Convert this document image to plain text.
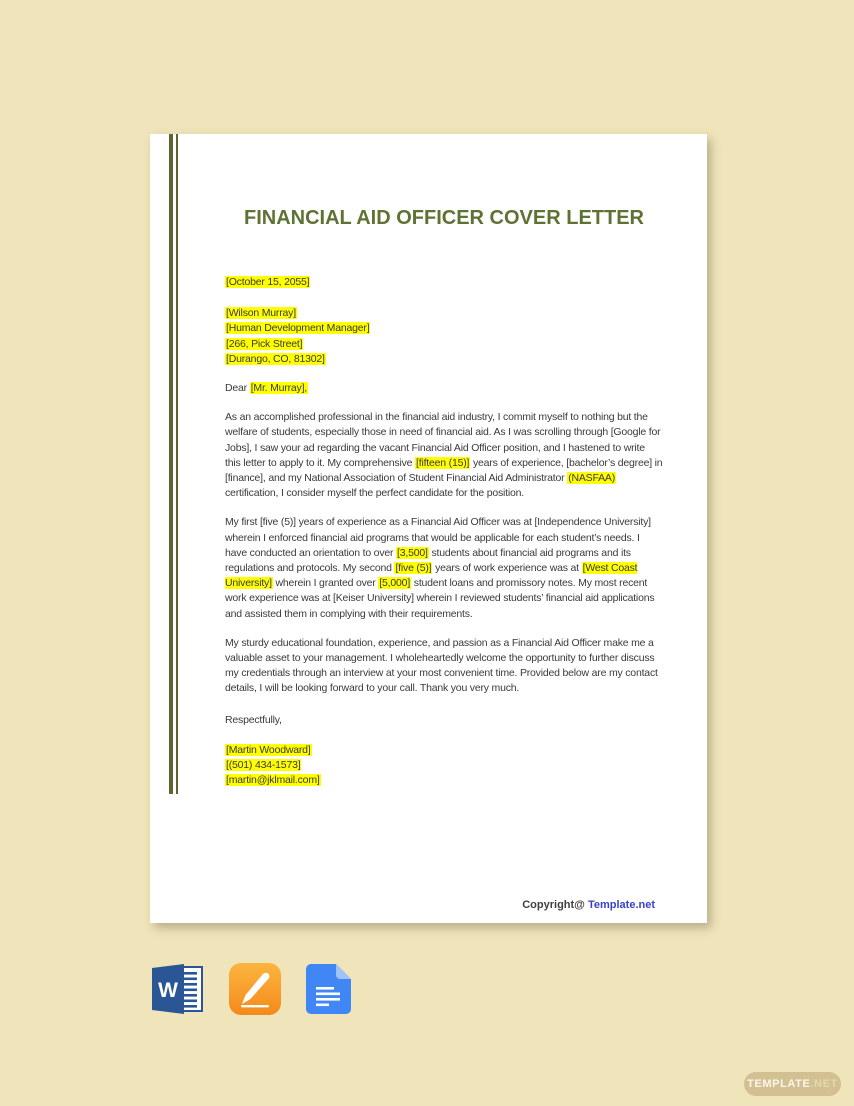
FINANCIAL AID OFFICER COVER LETTER
[October 15, 2055]
[Wilson Murray]
[Human Development Manager]
[266, Pick Street]
[Durango, CO, 81302]
Dear [Mr. Murray],

As an accomplished professional in the financial aid industry, I commit myself to nothing but the welfare of students, especially those in need of financial aid. As I was scrolling through [Google for Jobs], I saw your ad regarding the vacant Financial Aid Officer position, and I hastened to write this letter to apply to it. My comprehensive [fifteen (15)] years of experience, [bachelor’s degree] in [finance], and my National Association of Student Financial Aid Administrator (NASFAA) certification, I consider myself the perfect candidate for the position.

My first [five (5)] years of experience as a Financial Aid Officer was at [Independence University] wherein I enforced financial aid programs that would be applicable for each student’s needs. I have conducted an orientation to over [3,500] students about financial aid programs and its regulations and protocols. My second [five (5)] years of work experience was at [West Coast University] wherein I granted over [5,000] student loans and promissory notes. My most recent work experience was at [Keiser University] wherein I reviewed students’ financial aid applications and assisted them in complying with their requirements.

My sturdy educational foundation, experience, and passion as a Financial Aid Officer make me a valuable asset to your management. I wholeheartedly welcome the opportunity to further discuss my credentials through an interview at your most convenient time. Provided below are my contact details, I will be looking forward to your call. Thank you very much.

Respectfully,
[Martin Woodward]
[(501) 434-1573]
[martin@jklmail.com]
Copyright@ Template.net
W
TEMPLATE .NET
